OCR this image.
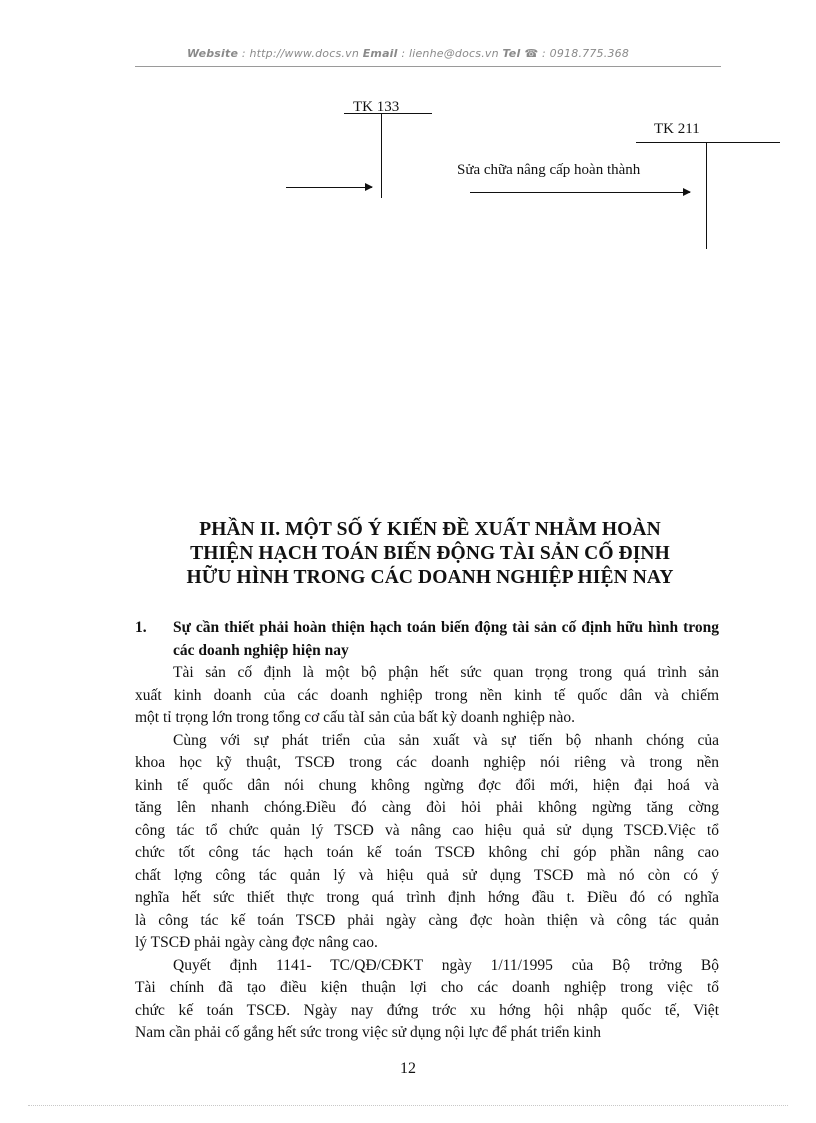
Website : http://www.docs.vn Email : lienhe@docs.vn Tel ☎ : 0918.775.368
TK 133
TK 211
Sửa chữa nâng cấp hoàn thành
PHẦN II. MỘT SỐ Ý KIẾN ĐỀ XUẤT NHẰM HOÀN
THIỆN HẠCH TOÁN BIẾN ĐỘNG TÀI SẢN CỐ ĐỊNH
HỮU HÌNH TRONG CÁC DOANH NGHIỆP HIỆN NAY
1.	Sự cần thiết phải hoàn thiện hạch toán biến động tài sản cố định hữu hình trong các doanh nghiệp hiện nay
Tài sản cố định là một bộ phận hết sức quan trọng trong quá trình sản
xuất kinh doanh của các doanh nghiệp trong nền kinh tế quốc dân và chiếm
một tỉ trọng lớn trong tổng cơ cấu tàI sản của bất kỳ doanh nghiệp nào.
Cùng với sự phát triển của sản xuất và sự tiến bộ nhanh chóng của
khoa học kỹ thuật, TSCĐ trong các doanh nghiệp nói riêng và trong nền
kinh tế quốc dân nói chung không ngừng đợc đổi mới, hiện đại hoá và
tăng lên nhanh chóng.Điều đó càng đòi hỏi phải không ngừng tăng cờng
công tác tổ chức quản lý TSCĐ và nâng cao hiệu quả sử dụng TSCĐ.Việc tổ
chức tốt công tác hạch toán kế toán TSCĐ không chỉ góp phần nâng cao
chất lợng công tác quản lý và hiệu quả sử dụng TSCĐ mà nó còn có ý
nghĩa hết sức thiết thực trong quá trình định hớng đầu t. Điều đó có nghĩa
là công tác kế toán TSCĐ phải ngày càng đợc hoàn thiện và công tác quản
lý TSCĐ phải ngày càng đợc nâng cao.
Quyết định 1141- TC/QĐ/CĐKT ngày 1/11/1995 của Bộ trởng Bộ
Tài chính đã tạo điều kiện thuận lợi cho các doanh nghiệp trong việc tổ
chức kế toán TSCĐ. Ngày nay đứng trớc xu hớng hội nhập quốc tế, Việt
Nam cần phải cố gắng hết sức trong việc sử dụng nội lực để phát triển kinh
12
